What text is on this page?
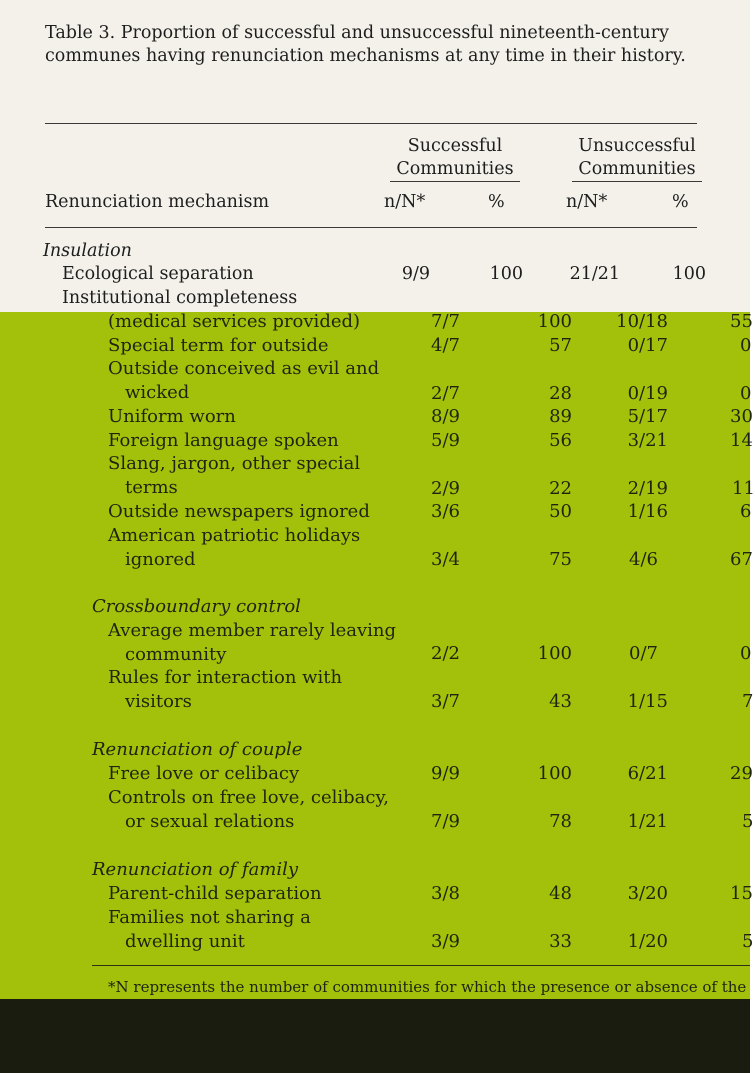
Table 3. Proportion of successful and unsuccessful nineteenth-century
communes having renunciation mechanisms at any time in their history.
Successful
Communities
Unsuccessful
Communities
Renunciation mechanism	n/N*	%	n/N*	%
Insulation
Ecological separation	9/9	100	21/21	100
Institutional completeness
(medical services provided)	7/7	100	10/18	55
Special term for outside	4/7	57	0/17	0
Outside conceived as evil and
wicked	2/7	28	0/19	0
Uniform worn	8/9	89	5/17	30
Foreign language spoken	5/9	56	3/21	14
Slang, jargon, other special
terms	2/9	22	2/19	11
Outside newspapers ignored	3/6	50	1/16	6
American patriotic holidays
ignored	3/4	75	4/6	67
Crossboundary control
Average member rarely leaving
community	2/2	100	0/7	0
Rules for interaction with
visitors	3/7	43	1/15	7
Renunciation of couple
Free love or celibacy	9/9	100	6/21	29
Controls on free love, celibacy,
or sexual relations	7/9	78	1/21	5
Renunciation of family
Parent-child separation	3/8	48	3/20	15
Families not sharing a
dwelling unit	3/9	33	1/20	5
*N represents the number of communities for which the presence or absence of the
